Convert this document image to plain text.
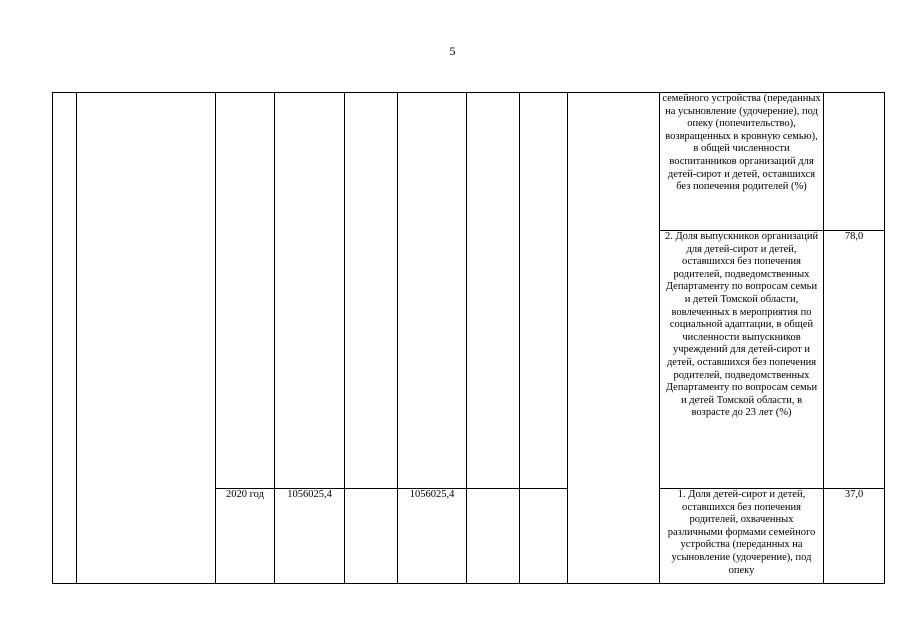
5
									семейного устройства (переданных на усыновление (удочерение), под опеку (попечительство), возвращенных в кровную семью), в общей численности воспитанников организаций для детей-сирот и детей, оставшихся без попечения родителей (%)	
									2. Доля выпускников организаций для детей-сирот и детей, оставшихся без попечения родителей, подведомственных Департаменту по вопросам семьи и детей Томской области, вовлеченных в мероприятия по социальной адаптации, в общей численности выпускников учреждений для детей-сирот и детей, оставшихся без попечения родителей, подведомственных Департаменту по вопросам семьи и детей Томской области, в возрасте до 23 лет (%)	78,0
		2020 год	1056025,4		1056025,4				1. Доля детей-сирот и детей, оставшихся без попечения родителей, охваченных различными формами семейного устройства (переданных на усыновление (удочерение), под опеку	37,0
